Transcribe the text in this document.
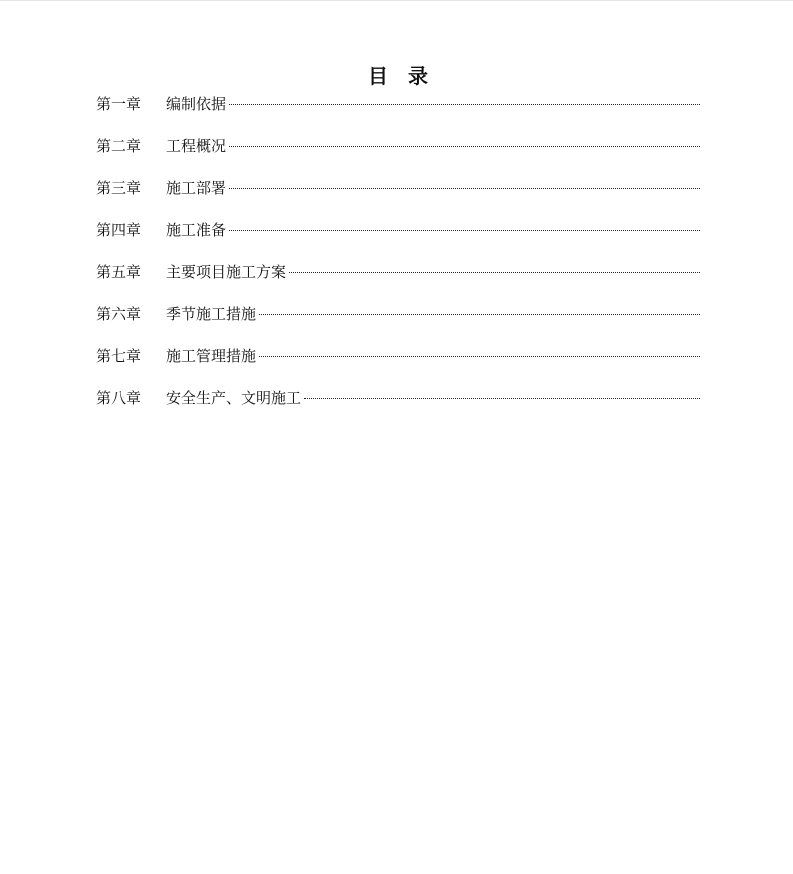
目 录
第一章	编制依据
第二章	工程概况
第三章	施工部署
第四章	施工准备
第五章	主要项目施工方案
第六章	季节施工措施
第七章	施工管理措施
第八章	安全生产、文明施工
